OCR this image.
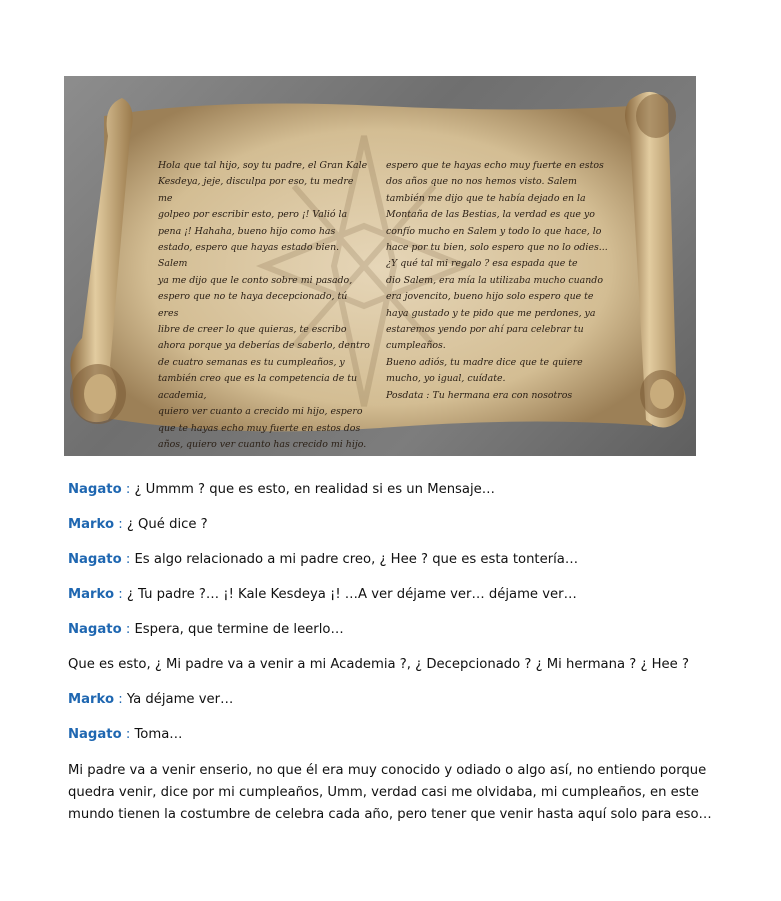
Hola que tal hijo, soy tu padre, el Gran Kale
Kesdeya, jeje, disculpa por eso, tu medre me
golpeo por escribir esto, pero ¡! Valió la
pena ¡! Hahaha, bueno hijo como has
estado, espero que hayas estado bien. Salem
ya me dijo que le conto sobre mi pasado,
espero que no te haya decepcionado, tú eres
libre de creer lo que quieras, te escribo
ahora porque ya deberías de saberlo, dentro
de cuatro semanas es tu cumpleaños, y
también creo que es la competencia de tu
academia,
quiero ver cuanto a crecido mi hijo, espero
que te hayas echo muy fuerte en estos dos
años, quiero ver cuanto has crecido mi hijo.
espero que te hayas echo muy fuerte en estos
dos años que no nos hemos visto. Salem
también me dijo que te había dejado en la
Montaña de las Bestias, la verdad es que yo
confío mucho en Salem y todo lo que hace, lo
hace por tu bien, solo espero que no lo odies...
¿Y qué tal mi regalo ? esa espada que te
dio Salem, era mía la utilizaba mucho cuando
era jovencito, bueno hijo solo espero que te
haya gustado y te pido que me perdones, ya
estaremos yendo por ahí para celebrar tu
cumpleaños.
Bueno adiós, tu madre dice que te quiere
mucho, yo igual, cuídate.
Posdata : Tu hermana era con nosotros
Nagato : ¿ Ummm ? que es esto, en realidad si es un Mensaje…
Marko : ¿ Qué dice ?
Nagato : Es algo relacionado a mi padre creo, ¿ Hee ? que es esta tontería…
Marko : ¿ Tu padre ?… ¡! Kale Kesdeya ¡! …A ver déjame ver… déjame ver…
Nagato : Espera, que termine de leerlo…
Que es esto, ¿ Mi padre va a venir a mi Academia ?, ¿ Decepcionado ? ¿ Mi hermana ? ¿ Hee ?
Marko : Ya déjame ver…
Nagato : Toma…
Mi padre va a venir enserio, no que él era muy conocido y odiado o algo así, no entiendo porque quedra venir, dice por mi cumpleaños, Umm, verdad casi me olvidaba, mi cumpleaños, en este mundo tienen la costumbre de celebra cada año, pero tener que venir hasta aquí solo para eso…
